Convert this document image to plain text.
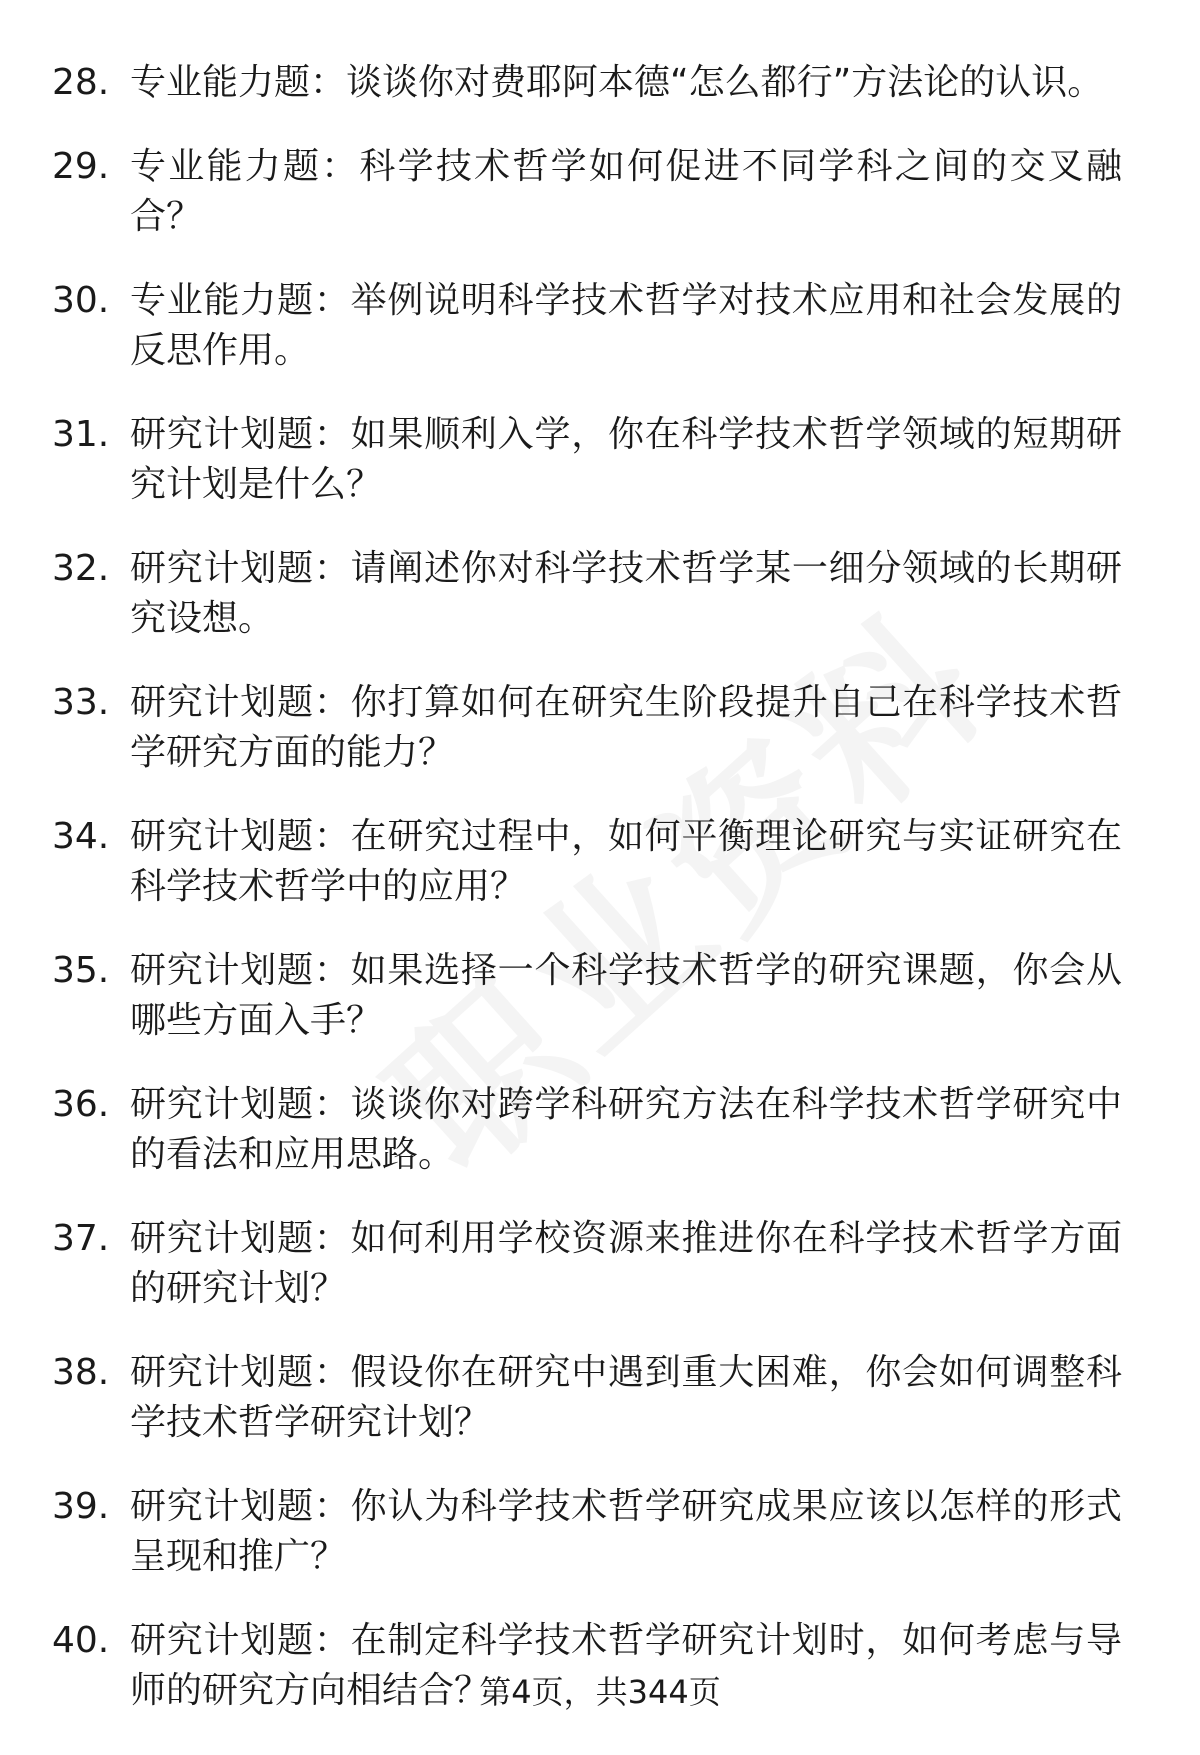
28. 专业能力题：谈谈你对费耶阿本德“怎么都行”方法论的认识。
29. 专业能力题：科学技术哲学如何促进不同学科之间的交叉融合？
30. 专业能力题：举例说明科学技术哲学对技术应用和社会发展的反思作用。
31. 研究计划题：如果顺利入学，你在科学技术哲学领域的短期研究计划是什么？
32. 研究计划题：请阐述你对科学技术哲学某一细分领域的长期研究设想。
33. 研究计划题：你打算如何在研究生阶段提升自己在科学技术哲学研究方面的能力？
34. 研究计划题：在研究过程中，如何平衡理论研究与实证研究在科学技术哲学中的应用？
35. 研究计划题：如果选择一个科学技术哲学的研究课题，你会从哪些方面入手？
36. 研究计划题：谈谈你对跨学科研究方法在科学技术哲学研究中的看法和应用思路。
37. 研究计划题：如何利用学校资源来推进你在科学技术哲学方面的研究计划？
38. 研究计划题：假设你在研究中遇到重大困难，你会如何调整科学技术哲学研究计划？
39. 研究计划题：你认为科学技术哲学研究成果应该以怎样的形式呈现和推广？
40. 研究计划题：在制定科学技术哲学研究计划时，如何考虑与导师的研究方向相结合？
第4页，共344页
